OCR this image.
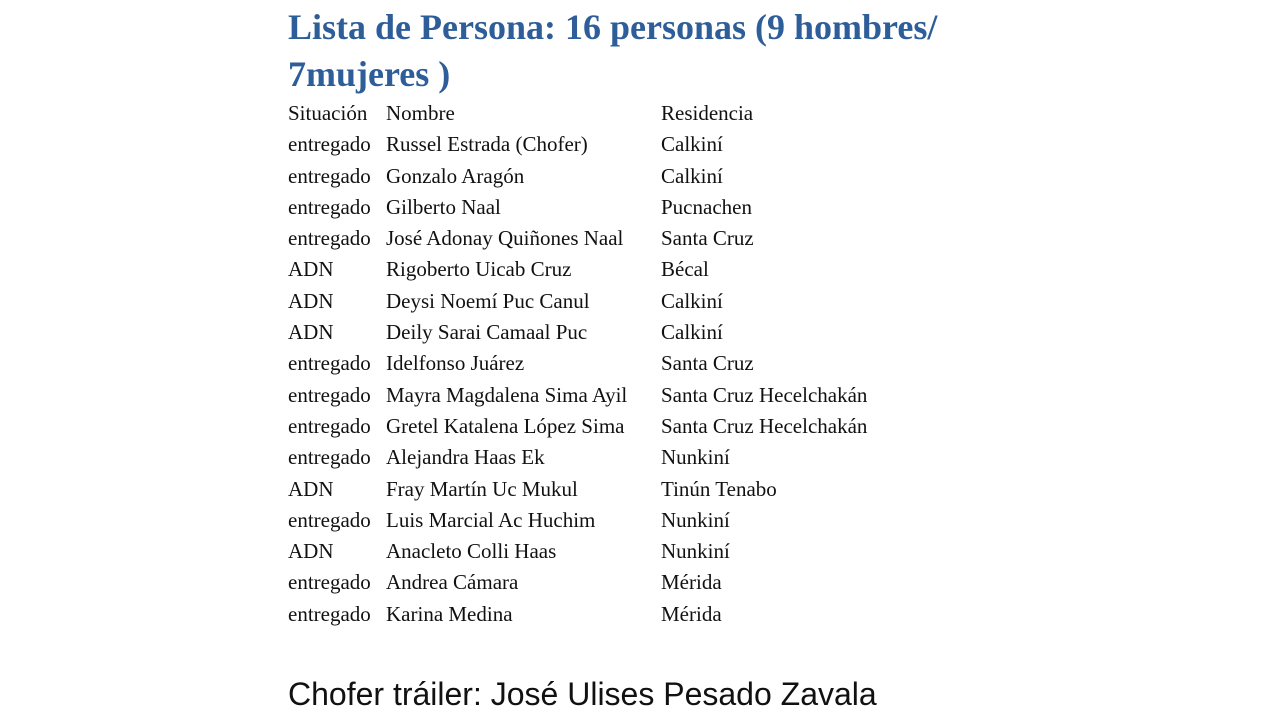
Lista de Persona: 16 personas (9 hombres/
7mujeres )
Situación	Nombre	Residencia
entregado	Russel Estrada (Chofer)	Calkiní
entregado	Gonzalo Aragón	Calkiní
entregado	Gilberto Naal	Pucnachen
entregado	José Adonay Quiñones Naal	Santa Cruz
ADN	Rigoberto Uicab Cruz	Bécal
ADN	Deysi Noemí Puc Canul	Calkiní
ADN	Deily Sarai Camaal Puc	Calkiní
entregado	Idelfonso Juárez	Santa Cruz
entregado	Mayra Magdalena Sima Ayil	Santa Cruz Hecelchakán
entregado	Gretel Katalena López Sima	Santa Cruz Hecelchakán
entregado	Alejandra Haas Ek	Nunkiní
ADN	Fray Martín Uc Mukul	Tinún Tenabo
entregado	Luis Marcial Ac Huchim	Nunkiní
ADN	Anacleto Colli Haas	Nunkiní
entregado	Andrea Cámara	Mérida
entregado	Karina Medina	Mérida

Chofer tráiler: José Ulises Pesado Zavala
